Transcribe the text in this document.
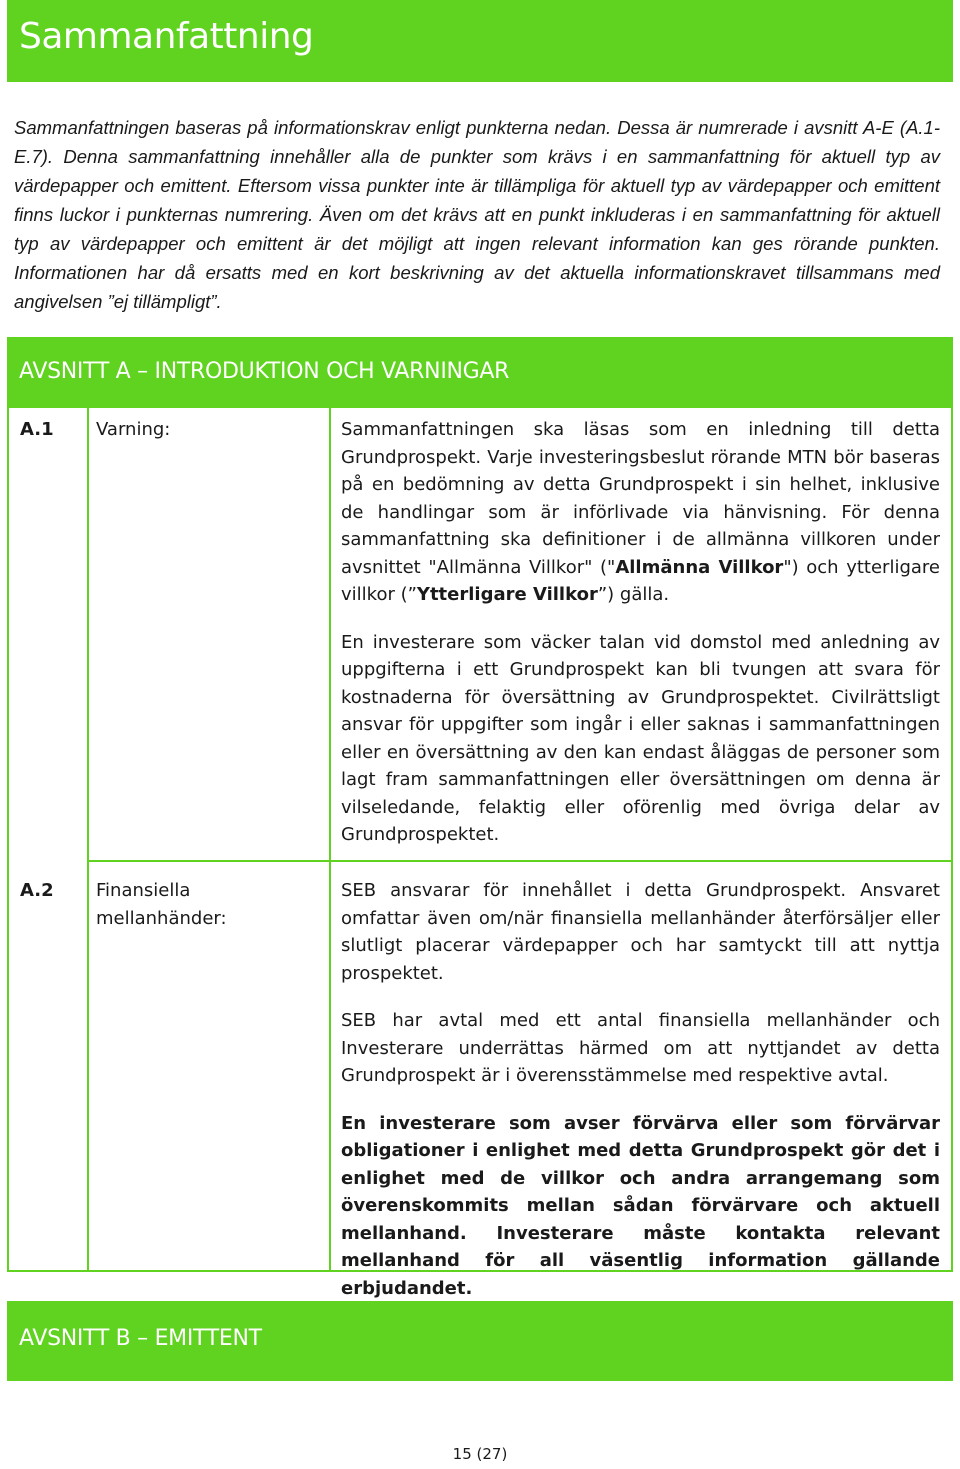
Sammanfattning

Sammanfattningen baseras på informationskrav enligt punkterna nedan. Dessa är numrerade i avsnitt A-E (A.1-E.7). Denna sammanfattning innehåller alla de punkter som krävs i en sammanfattning för aktuell typ av värdepapper och emittent. Eftersom vissa punkter inte är tillämpliga för aktuell typ av värdepapper och emittent finns luckor i punkternas numrering. Även om det krävs att en punkt inkluderas i en sammanfattning för aktuell typ av värdepapper och emittent är det möjligt att ingen relevant information kan ges rörande punkten. Informationen har då ersatts med en kort beskrivning av det aktuella informationskravet tillsammans med angivelsen ”ej tillämpligt”.

AVSNITT A – INTRODUKTION OCH VARNINGAR
A.1 Varning:	Sammanfattningen ska läsas som en inledning till detta Grundprospekt. Varje investeringsbeslut rörande MTN bör baseras på en bedömning av detta Grundprospekt i sin helhet, inklusive de handlingar som är införlivade via hänvisning. För denna sammanfattning ska definitioner i de allmänna villkoren under avsnittet "Allmänna Villkor" ("Allmänna Villkor") och ytterligare villkor (”Ytterligare Villkor”) gälla.

En investerare som väcker talan vid domstol med anledning av uppgifterna i ett Grundprospekt kan bli tvungen att svara för kostnaderna för översättning av Grundprospektet. Civilrättsligt ansvar för uppgifter som ingår i eller saknas i sammanfattningen eller en översättning av den kan endast åläggas de personer som lagt fram sammanfattningen eller översättningen om denna är vilseledande, felaktig eller oförenlig med övriga delar av Grundprospektet.

A.2 Finansiella mellanhänder:

SEB ansvarar för innehållet i detta Grundprospekt. Ansvaret omfattar även om/när finansiella mellanhänder återförsäljer eller slutligt placerar värdepapper och har samtyckt till att nyttja prospektet.

SEB har avtal med ett antal finansiella mellanhänder och Investerare underrättas härmed om att nyttjandet av detta Grundprospekt är i överensstämmelse med respektive avtal.

En investerare som avser förvärva eller som förvärvar obligationer i enlighet med detta Grundprospekt gör det i enlighet med de villkor och andra arrangemang som överenskommits mellan sådan förvärvare och aktuell mellanhand. Investerare måste kontakta relevant mellanhand för all väsentlig information gällande erbjudandet.

AVSNITT B – EMITTENT
15 (27)
